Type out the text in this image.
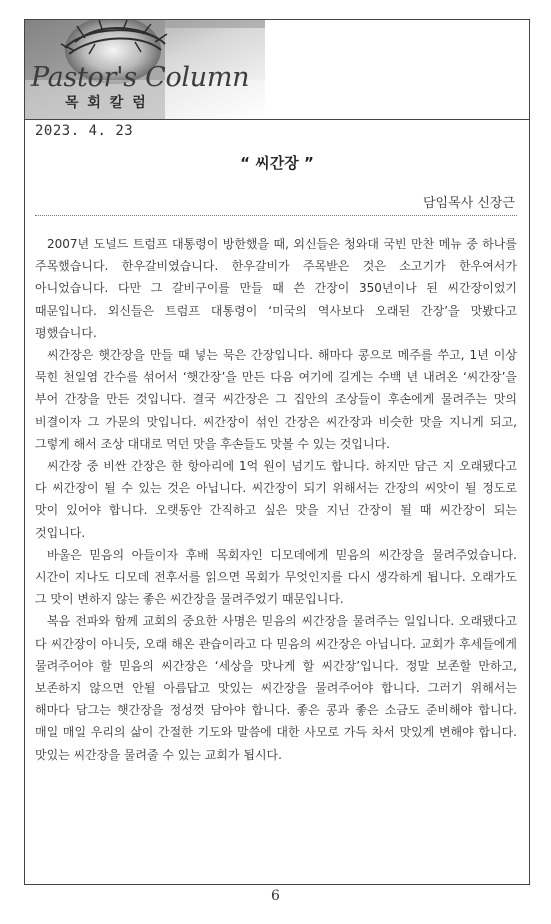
Pastor's Column
목 회 칼 럼
2023. 4. 23
“ 씨간장 ”
담임목사 신장근

2007년 도널드 트럼프 대통령이 방한했을 때, 외신들은 청와대 국빈 만찬 메뉴 중 하나를 주목했습니다. 한우갈비였습니다. 한우갈비가 주목받은 것은 소고기가 한우여서가 아니었습니다. 다만 그 갈비구이를 만들 때 쓴 간장이 350년이나 된 씨간장이었기 때문입니다. 외신들은 트럼프 대통령이 ‘미국의 역사보다 오래된 간장’을 맛봤다고 평했습니다.

씨간장은 햇간장을 만들 때 넣는 묵은 간장입니다. 해마다 콩으로 메주를 쑤고, 1년 이상 묵힌 천일염 간수를 섞어서 ‘햇간장’을 만든 다음 여기에 길게는 수백 년 내려온 ‘씨간장’을 부어 간장을 만든 것입니다. 결국 씨간장은 그 집안의 조상들이 후손에게 물려주는 맛의 비결이자 그 가문의 맛입니다. 씨간장이 섞인 간장은 씨간장과 비슷한 맛을 지니게 되고, 그렇게 해서 조상 대대로 먹던 맛을 후손들도 맛볼 수 있는 것입니다.

씨간장 중 비싼 간장은 한 항아리에 1억 원이 넘기도 합니다. 하지만 담근 지 오래됐다고 다 씨간장이 될 수 있는 것은 아닙니다. 씨간장이 되기 위해서는 간장의 씨앗이 될 정도로 맛이 있어야 합니다. 오랫동안 간직하고 싶은 맛을 지닌 간장이 될 때 씨간장이 되는 것입니다.

바울은 믿음의 아들이자 후배 목회자인 디모데에게 믿음의 씨간장을 물려주었습니다. 시간이 지나도 디모데 전후서를 읽으면 목회가 무엇인지를 다시 생각하게 됩니다. 오래가도 그 맛이 변하지 않는 좋은 씨간장을 물려주었기 때문입니다.

복음 전파와 함께 교회의 중요한 사명은 믿음의 씨간장을 물려주는 일입니다. 오래됐다고 다 씨간장이 아니듯, 오래 해온 관습이라고 다 믿음의 씨간장은 아닙니다. 교회가 후세들에게 물려주어야 할 믿음의 씨간장은 ‘세상을 맛나게 할 씨간장’입니다. 정말 보존할 만하고, 보존하지 않으면 안될 아름답고 맛있는 씨간장을 물려주어야 합니다. 그러기 위해서는 해마다 담그는 햇간장을 정성껏 담아야 합니다. 좋은 콩과 좋은 소금도 준비해야 합니다. 매일 매일 우리의 삶이 간절한 기도와 말씀에 대한 사모로 가득 차서 맛있게 변해야 합니다. 맛있는 씨간장을 물려줄 수 있는 교회가 됩시다.

6
